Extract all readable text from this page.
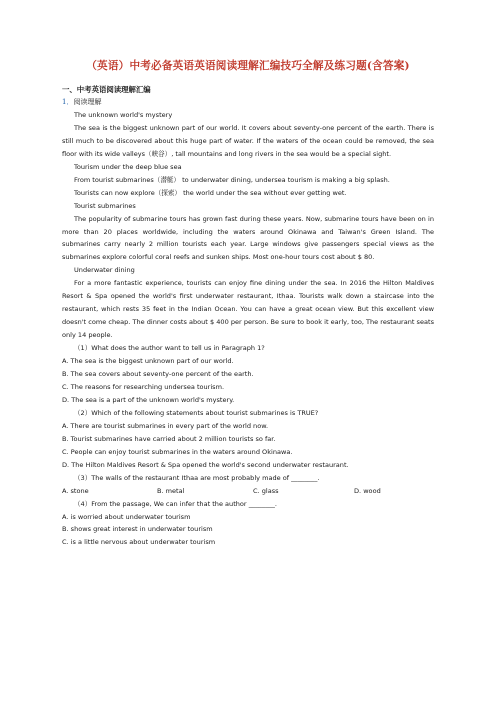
（英语）中考必备英语英语阅读理解汇编技巧全解及练习题(含答案)
一、中考英语阅读理解汇编
1．阅读理解

The unknown world's mystery

The sea is the biggest unknown part of our world. It covers about seventy-one percent of the earth. There is still much to be discovered about this huge part of water. If the waters of the ocean could be removed, the sea floor with its wide valleys（峡谷）, tall mountains and long rivers in the sea would be a special sight.

Tourism under the deep blue sea

From tourist submarines（潜艇） to underwater dining, undersea tourism is making a big splash.

Tourists can now explore（探索） the world under the sea without ever getting wet.

Tourist submarines

The popularity of submarine tours has grown fast during these years. Now, submarine tours have been on in more than 20 places worldwide, including the waters around Okinawa and Taiwan's Green Island. The submarines carry nearly 2 million tourists each year. Large windows give passengers special views as the submarines explore colorful coral reefs and sunken ships. Most one-hour tours cost about $ 80.

Underwater dining

For a more fantastic experience, tourists can enjoy fine dining under the sea. In 2016 the Hilton Maldives Resort & Spa opened the world's first underwater restaurant, Ithaa. Tourists walk down a staircase into the restaurant, which rests 35 feet in the Indian Ocean. You can have a great ocean view. But this excellent view doesn't come cheap. The dinner costs about $ 400 per person. Be sure to book it early, too, The restaurant seats only 14 people.

（1）What does the author want to tell us in Paragraph 1?
A. The sea is the biggest unknown part of our world.
B. The sea covers about seventy-one percent of the earth.
C. The reasons for researching undersea tourism.
D. The sea is a part of the unknown world's mystery.
（2）Which of the following statements about tourist submarines is TRUE?
A. There are tourist submarines in every part of the world now.
B. Tourist submarines have carried about 2 million tourists so far.
C. People can enjoy tourist submarines in the waters around Okinawa.
D. The Hilton Maldives Resort & Spa opened the world's second underwater restaurant.
（3）The walls of the restaurant Ithaa are most probably made of ________.
A. stone	B. metal	C. glass	D. wood
（4）From the passage, We can infer that the author ________.
A. is worried about underwater tourism
B. shows great interest in underwater tourism
C. is a little nervous about underwater tourism
